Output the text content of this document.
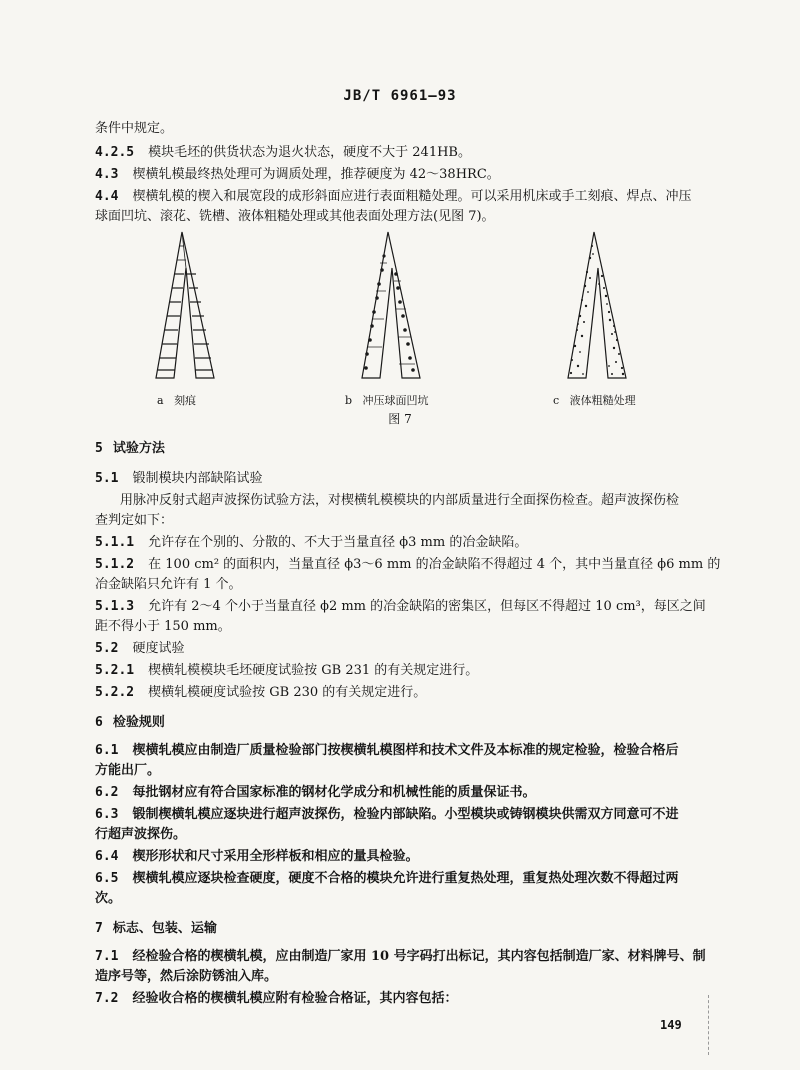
JB/T 6961—93
条件中规定。
4.2.5 模块毛坯的供货状态为退火状态，硬度不大于 241HB。
4.3 楔横轧模最终热处理可为调质处理，推荐硬度为 42～38HRC。
4.4 楔横轧模的楔入和展宽段的成形斜面应进行表面粗糙处理。可以采用机床或手工刻痕、焊点、冲压
球面凹坑、滚花、铣槽、液体粗糙处理或其他表面处理方法(见图 7)。
a 刻痕	b 冲压球面凹坑	c 液体粗糙处理
图 7
5 试验方法
5.1 锻制模块内部缺陷试验
用脉冲反射式超声波探伤试验方法，对楔横轧模模块的内部质量进行全面探伤检查。超声波探伤检
查判定如下：
5.1.1 允许存在个别的、分散的、不大于当量直径 ϕ3 mm 的冶金缺陷。
5.1.2 在 100 cm² 的面积内，当量直径 ϕ3～6 mm 的冶金缺陷不得超过 4 个，其中当量直径 ϕ6 mm 的
冶金缺陷只允许有 1 个。
5.1.3 允许有 2～4 个小于当量直径 ϕ2 mm 的冶金缺陷的密集区，但每区不得超过 10 cm³，每区之间
距不得小于 150 mm。
5.2 硬度试验
5.2.1 楔横轧模模块毛坯硬度试验按 GB 231 的有关规定进行。
5.2.2 楔横轧模硬度试验按 GB 230 的有关规定进行。
6 检验规则
6.1 楔横轧模应由制造厂质量检验部门按楔横轧模图样和技术文件及本标准的规定检验，检验合格后
方能出厂。
6.2 每批钢材应有符合国家标准的钢材化学成分和机械性能的质量保证书。
6.3 锻制楔横轧模应逐块进行超声波探伤，检验内部缺陷。小型模块或铸钢模块供需双方同意可不进
行超声波探伤。
6.4 楔形形状和尺寸采用全形样板和相应的量具检验。
6.5 楔横轧模应逐块检查硬度，硬度不合格的模块允许进行重复热处理，重复热处理次数不得超过两
次。
7 标志、包装、运输
7.1 经检验合格的楔横轧模，应由制造厂家用 10 号字码打出标记，其内容包括制造厂家、材料牌号、制
造序号等，然后涂防锈油入库。
7.2 经验收合格的楔横轧模应附有检验合格证，其内容包括：
149
